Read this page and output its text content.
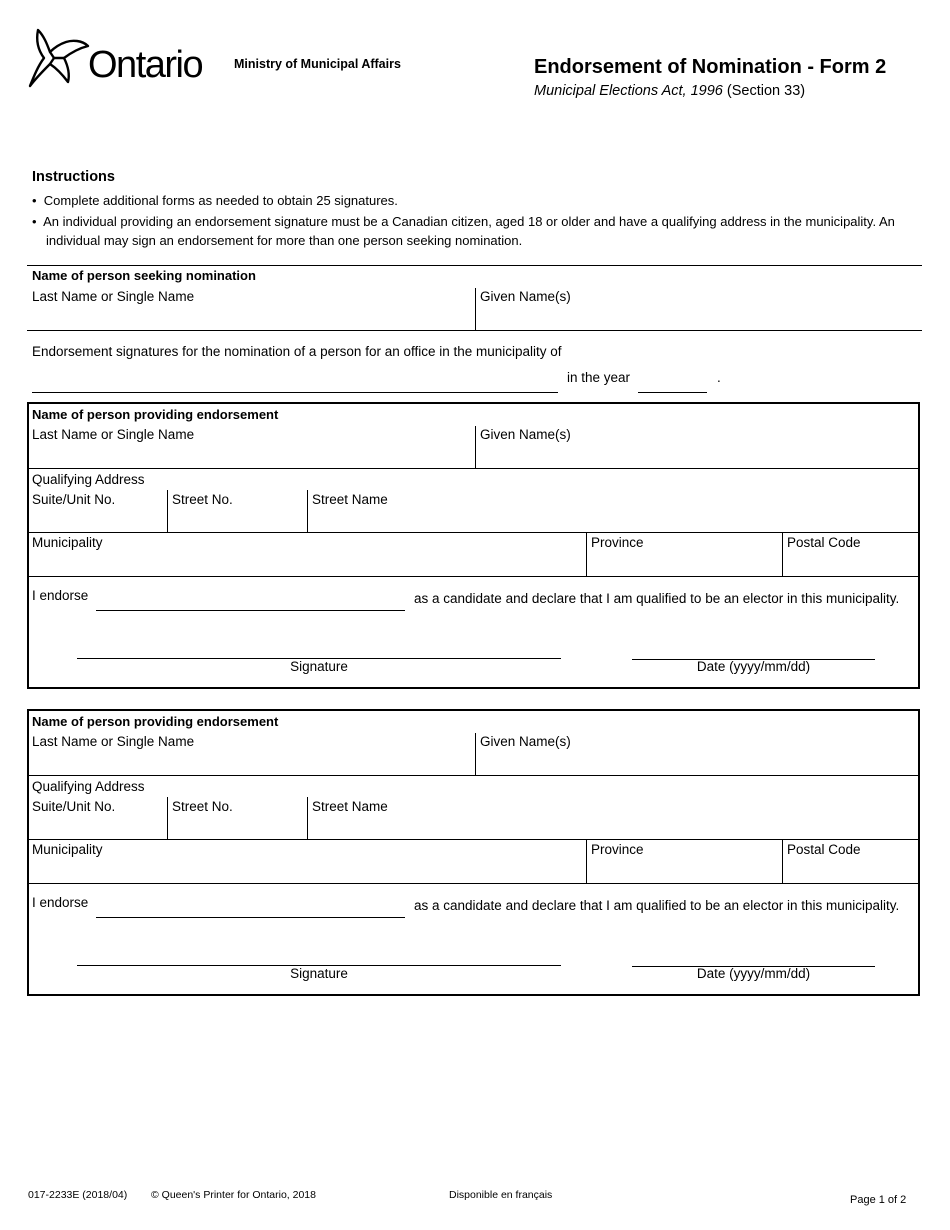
Ontario	Ministry of Municipal Affairs	Endorsement of Nomination - Form 2
Municipal Elections Act, 1996 (Section 33)
Instructions
•  Complete additional forms as needed to obtain 25 signatures.
•  An individual providing an endorsement signature must be a Canadian citizen, aged 18 or older and have a qualifying address in the municipality. An individual may sign an endorsement for more than one person seeking nomination.
Name of person seeking nomination
Last Name or Single Name	Given Name(s)
Endorsement signatures for the nomination of a person for an office in the municipality of
in the year	.
Name of person providing endorsement
Last Name or Single Name	Given Name(s)
Qualifying Address
Suite/Unit No.	Street No.	Street Name
Municipality	Province	Postal Code
I endorse	as a candidate and declare that I am qualified to be an elector in this municipality.
Signature	Date (yyyy/mm/dd)
Name of person providing endorsement
Last Name or Single Name	Given Name(s)
Qualifying Address
Suite/Unit No.	Street No.	Street Name
Municipality	Province	Postal Code
I endorse	as a candidate and declare that I am qualified to be an elector in this municipality.
Signature	Date (yyyy/mm/dd)
017-2233E (2018/04) © Queen's Printer for Ontario, 2018	Disponible en français	Page 1 of 2
